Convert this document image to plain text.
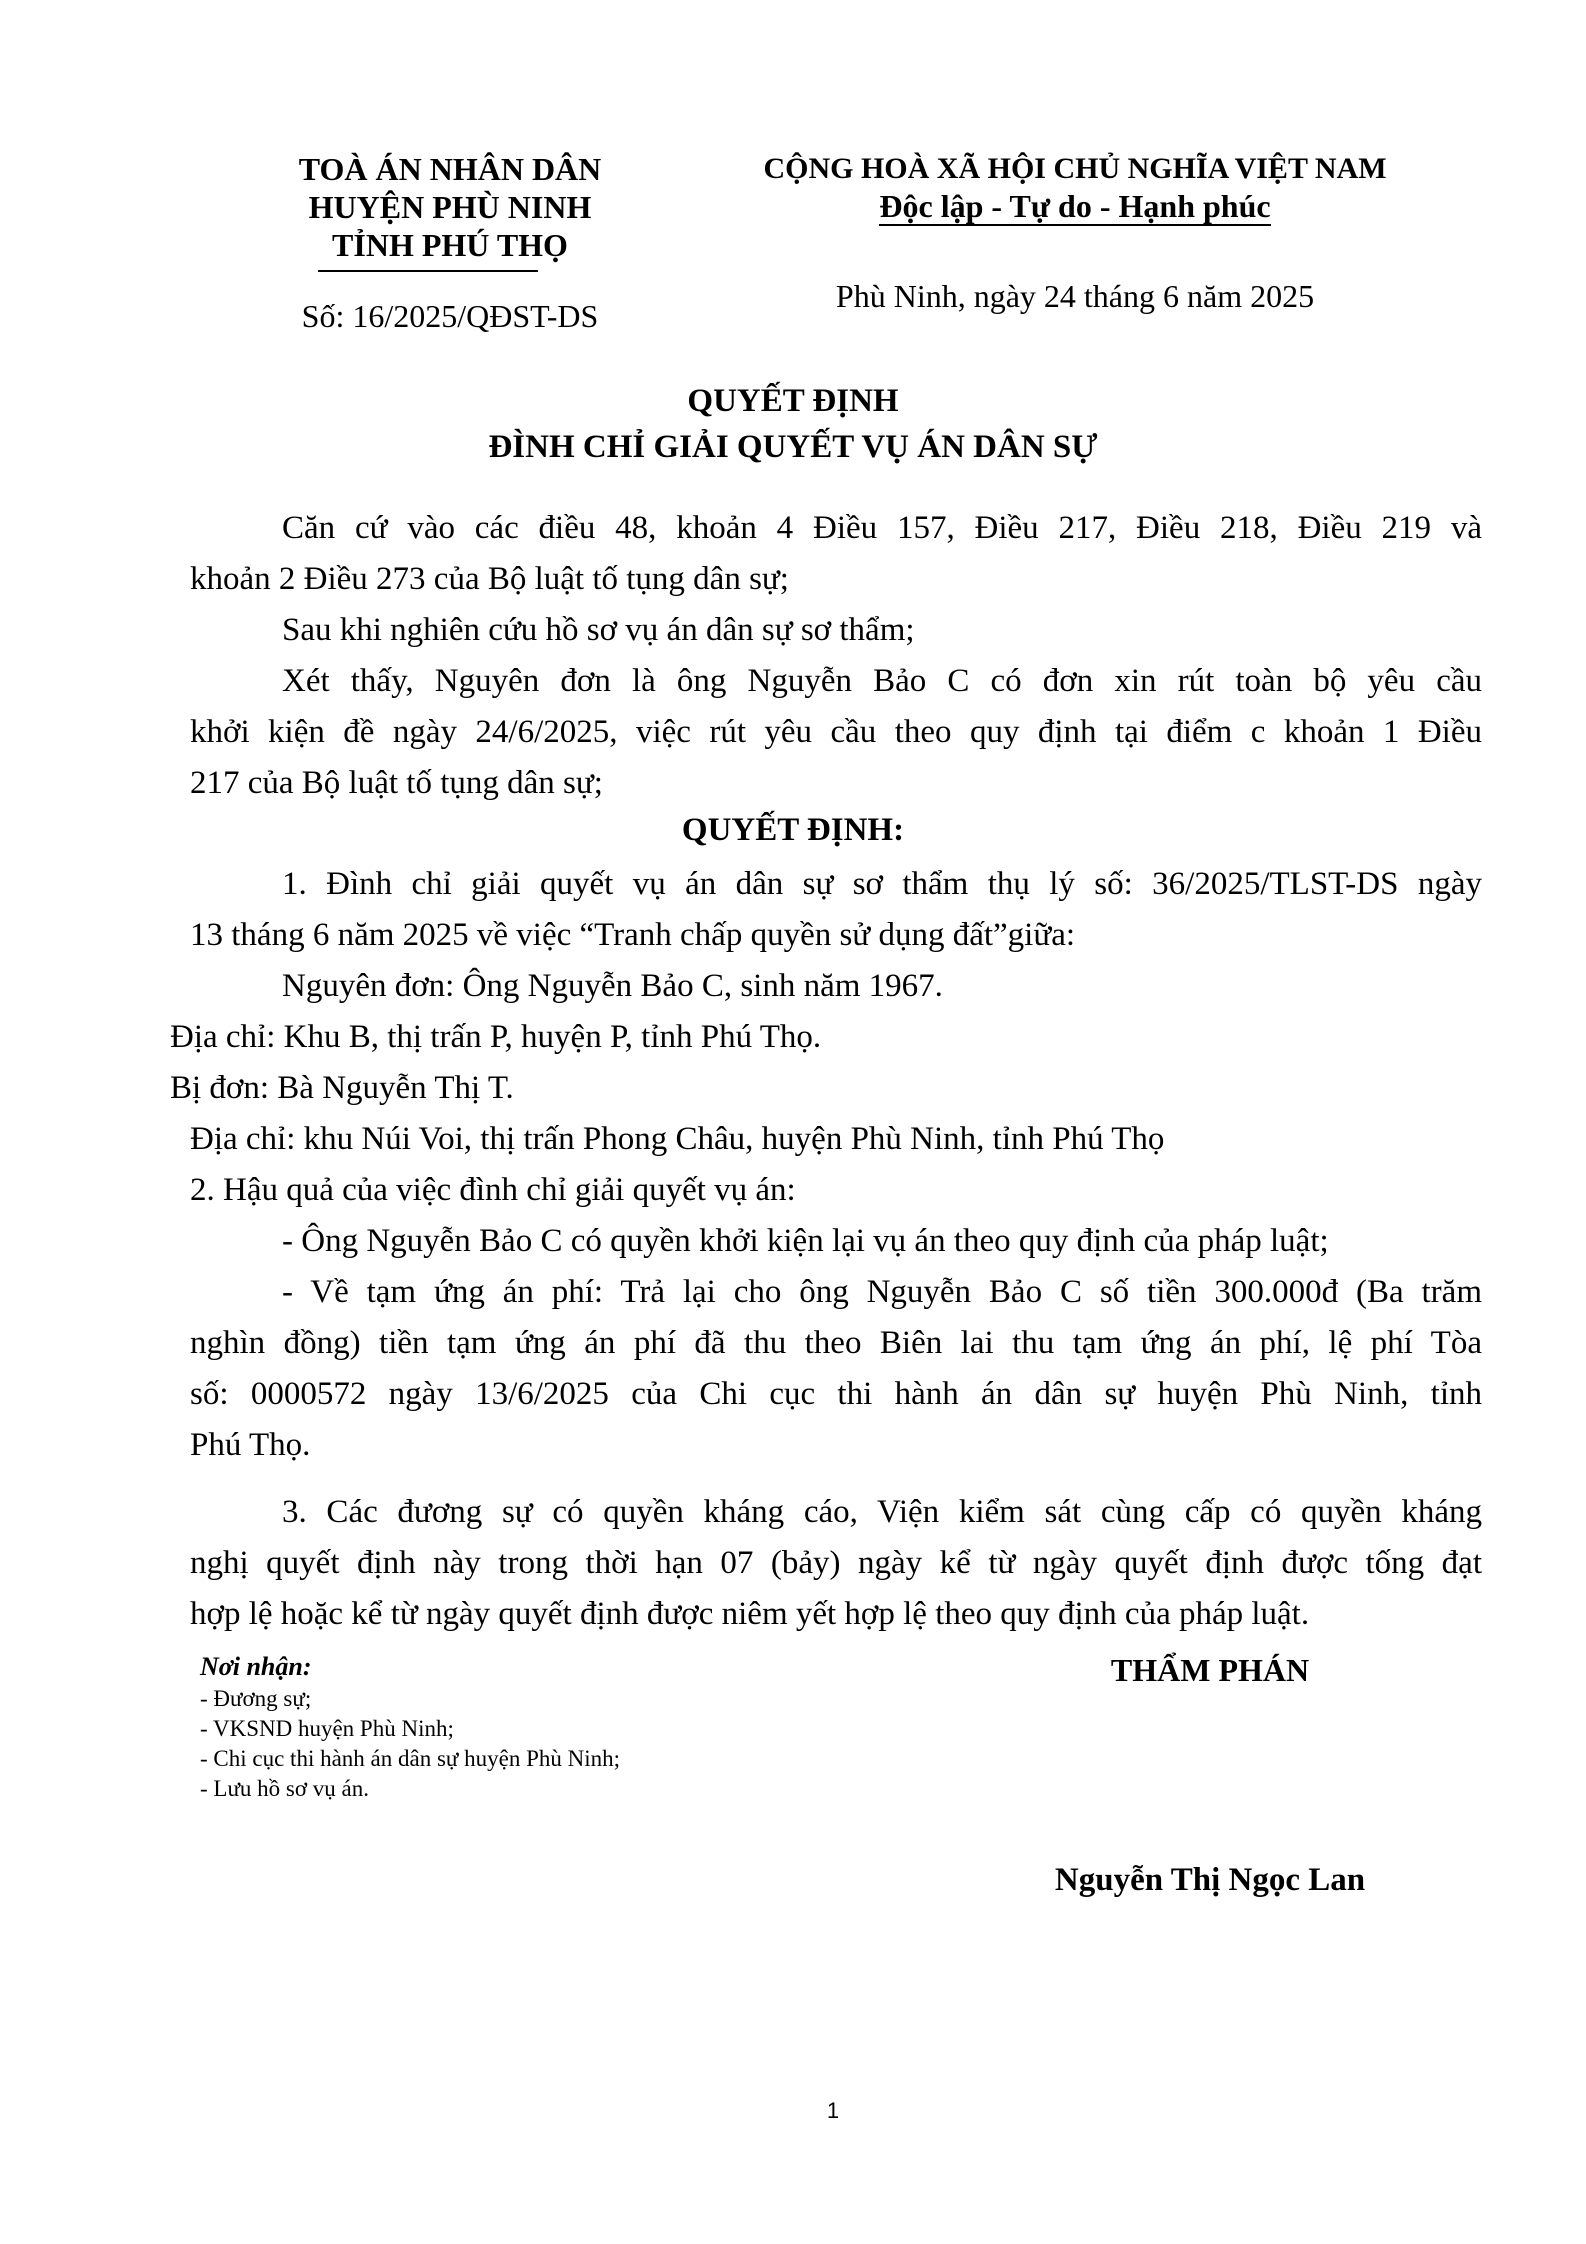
TOÀ ÁN NHÂN DÂN
HUYỆN PHÙ NINH
TỈNH PHÚ THỌ
Số: 16/2025/QĐST-DS
CỘNG HOÀ XÃ HỘI CHỦ NGHĨA VIỆT NAM
Độc lập - Tự do - Hạnh phúc
Phù Ninh, ngày 24 tháng 6 năm 2025
QUYẾT ĐỊNH
ĐÌNH CHỈ GIẢI QUYẾT VỤ ÁN DÂN SỰ
Căn cứ vào các điều 48, khoản 4 Điều 157, Điều 217, Điều 218, Điều 219 và
khoản 2 Điều 273 của Bộ luật tố tụng dân sự;
Sau khi nghiên cứu hồ sơ vụ án dân sự sơ thẩm;
Xét thấy, Nguyên đơn là ông Nguyễn Bảo C có đơn xin rút toàn bộ yêu cầu
khởi kiện đề ngày 24/6/2025, việc rút yêu cầu theo quy định tại điểm c khoản 1 Điều
217 của Bộ luật tố tụng dân sự;
QUYẾT ĐỊNH:
1. Đình chỉ giải quyết vụ án dân sự sơ thẩm thụ lý số: 36/2025/TLST-DS ngày
13 tháng 6 năm 2025 về việc “Tranh chấp quyền sử dụng đất”giữa:
Nguyên đơn: Ông Nguyễn Bảo C, sinh năm 1967.
Địa chỉ: Khu B, thị trấn P, huyện P, tỉnh Phú Thọ.
Bị đơn: Bà Nguyễn Thị T.
Địa chỉ: khu Núi Voi, thị trấn Phong Châu, huyện Phù Ninh, tỉnh Phú Thọ
2. Hậu quả của việc đình chỉ giải quyết vụ án:
- Ông Nguyễn Bảo C có quyền khởi kiện lại vụ án theo quy định của pháp luật;
- Về tạm ứng án phí: Trả lại cho ông Nguyễn Bảo C số tiền 300.000đ (Ba trăm
nghìn đồng) tiền tạm ứng án phí đã thu theo Biên lai thu tạm ứng án phí, lệ phí Tòa
số: 0000572 ngày 13/6/2025 của Chi cục thi hành án dân sự huyện Phù Ninh, tỉnh
Phú Thọ.
3. Các đương sự có quyền kháng cáo, Viện kiểm sát cùng cấp có quyền kháng
nghị quyết định này trong thời hạn 07 (bảy) ngày kể từ ngày quyết định được tống đạt
hợp lệ hoặc kể từ ngày quyết định được niêm yết hợp lệ theo quy định của pháp luật.
Nơi nhận:
- Đương sự;
- VKSND huyện Phù Ninh;
- Chi cục thi hành án dân sự huyện Phù Ninh;
- Lưu hồ sơ vụ án.
THẨM PHÁN
Nguyễn Thị Ngọc Lan
1
